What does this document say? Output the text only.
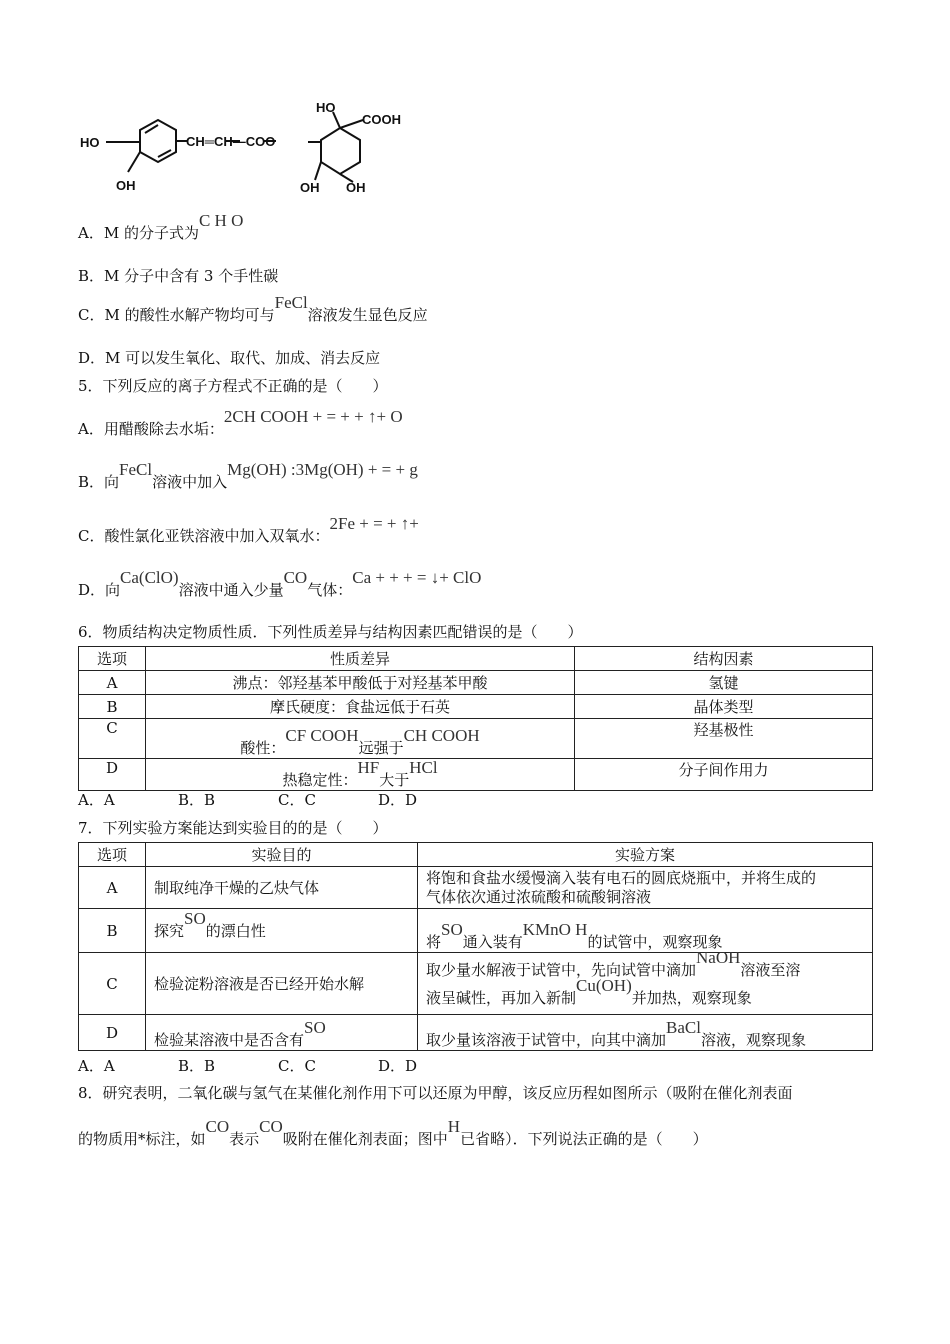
HO
OH
CH═CH—COO
HO
COOH
OH OH
A．M 的分子式为C H O
B．M 分子中含有 3 个手性碳
C．M 的酸性水解产物均可与FeCl溶液发生显色反应
D．M 可以发生氧化、取代、加成、消去反应
5．下列反应的离子方程式不正确的是（　　）
A．用醋酸除去水垢：2CH COOH + = + + ↑+ O
B．向FeCl溶液中加入Mg(OH) :3Mg(OH) + = + g
C．酸性氯化亚铁溶液中加入双氧水：2Fe + = + ↑+
D．向Ca(ClO)溶液中通入少量CO气体：Ca + + + = ↓+ ClO
6．物质结构决定物质性质．下列性质差异与结构因素匹配错误的是（　　）
选项	性质差异	结构因素
A	沸点：邻羟基苯甲酸低于对羟基苯甲酸	氢键
B	摩氏硬度：食盐远低于石英	晶体类型
C	酸性：CF COOH远强于CH COOH	羟基极性
D	热稳定性：HF大于HCl	分子间作用力
A．A	B．B	C．C	D．D
7．下列实验方案能达到实验目的的是（　　）
选项	实验目的	实验方案
A	制取纯净干燥的乙炔气体	将饱和食盐水缓慢滴入装有电石的圆底烧瓶中，并将生成的
气体依次通过浓硫酸和硫酸铜溶液

B	探究SO的漂白性	将SO通入装有KMnO H的试管中，观察现象
C	检验淀粉溶液是否已经开始水解	取少量水解液于试管中，先向试管中滴加NaOH溶液至溶
液呈碱性，再加入新制Cu(OH)并加热，观察现象

D	检验某溶液中是否含有SO	取少量该溶液于试管中，向其中滴加BaCl溶液，观察现象
A．A	B．B	C．C	D．D
8．研究表明，二氧化碳与氢气在某催化剂作用下可以还原为甲醇，该反应历程如图所示（吸附在催化剂表面
的物质用*标注，如CO表示CO吸附在催化剂表面；图中H已省略）．下列说法正确的是（　　）
